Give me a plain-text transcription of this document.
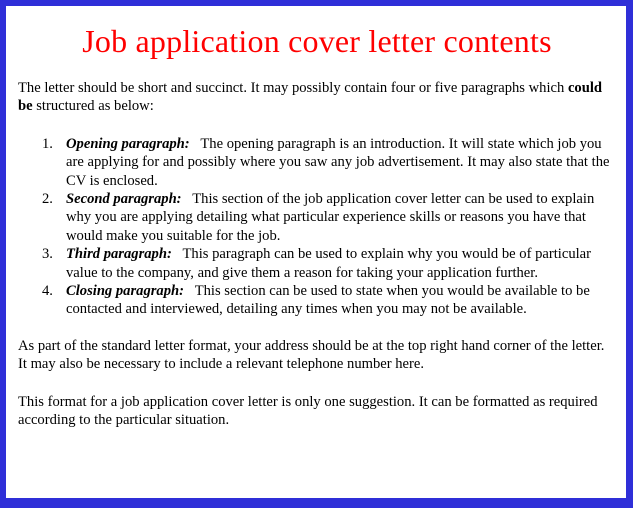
Job application cover letter contents

The letter should be short and succinct. It may possibly contain four or five paragraphs which could be structured as below:

1. Opening paragraph: The opening paragraph is an introduction. It will state which job you are applying for and possibly where you saw any job advertisement. It may also state that the CV is enclosed.
2. Second paragraph: This section of the job application cover letter can be used to explain why you are applying detailing what particular experience skills or reasons you have that would make you suitable for the job.
3. Third paragraph: This paragraph can be used to explain why you would be of particular value to the company, and give them a reason for taking your application further.
4. Closing paragraph: This section can be used to state when you would be available to be contacted and interviewed, detailing any times when you may not be available.

As part of the standard letter format, your address should be at the top right hand corner of the letter. It may also be necessary to include a relevant telephone number here.

This format for a job application cover letter is only one suggestion. It can be formatted as required according to the particular situation.
